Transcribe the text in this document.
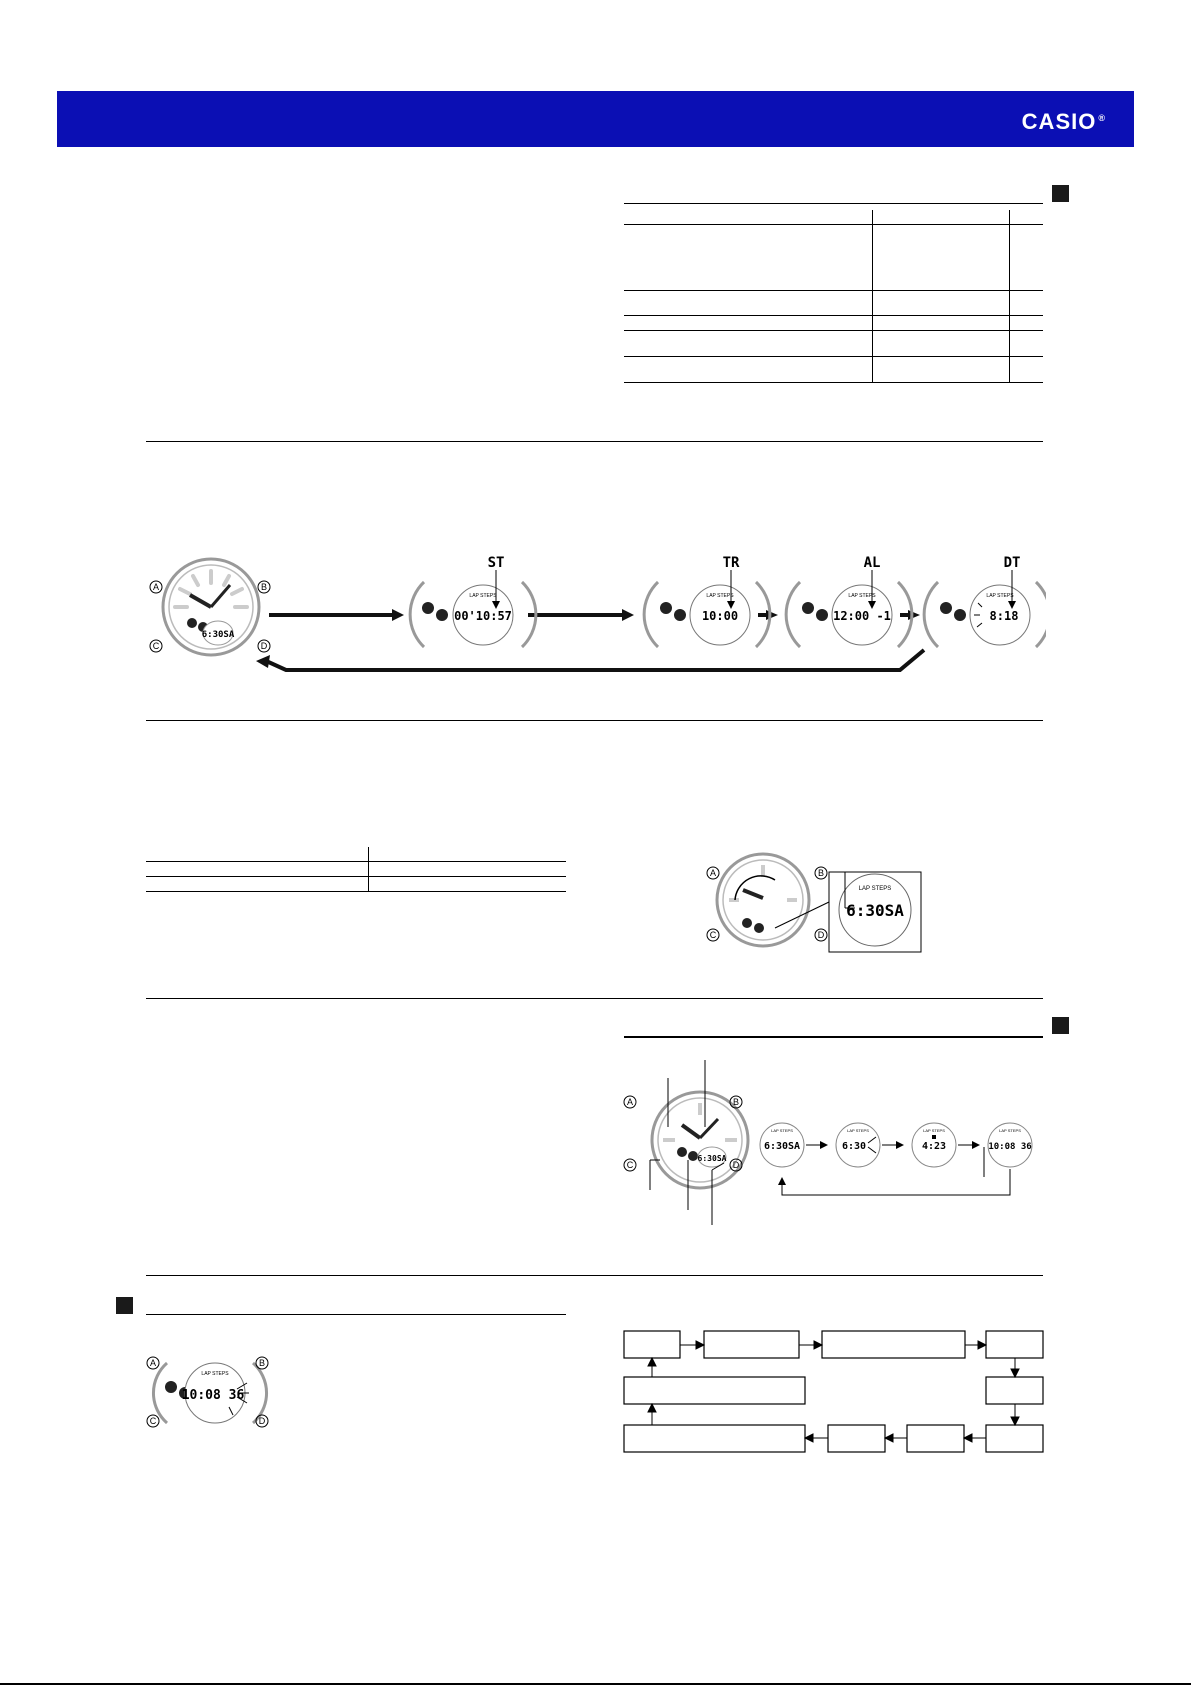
CASIO ®

6:30SA
A	B
C	D
LAP STEPS
00'10:57
ST
LAP STEPS
10:00
TR
LAP STEPS
12:00 -1
AL
LAP STEPS
8:18
DT

A	B
C	D
LAP STEPS
6:30SA
6:30SA
A	B
C	D
LAP STEPS
6:30SA
LAP STEPS
6:30
LAP STEPS
4:23
LAP STEPS
10:08 36
LAP STEPS
10:08 36
A	B
C	D
